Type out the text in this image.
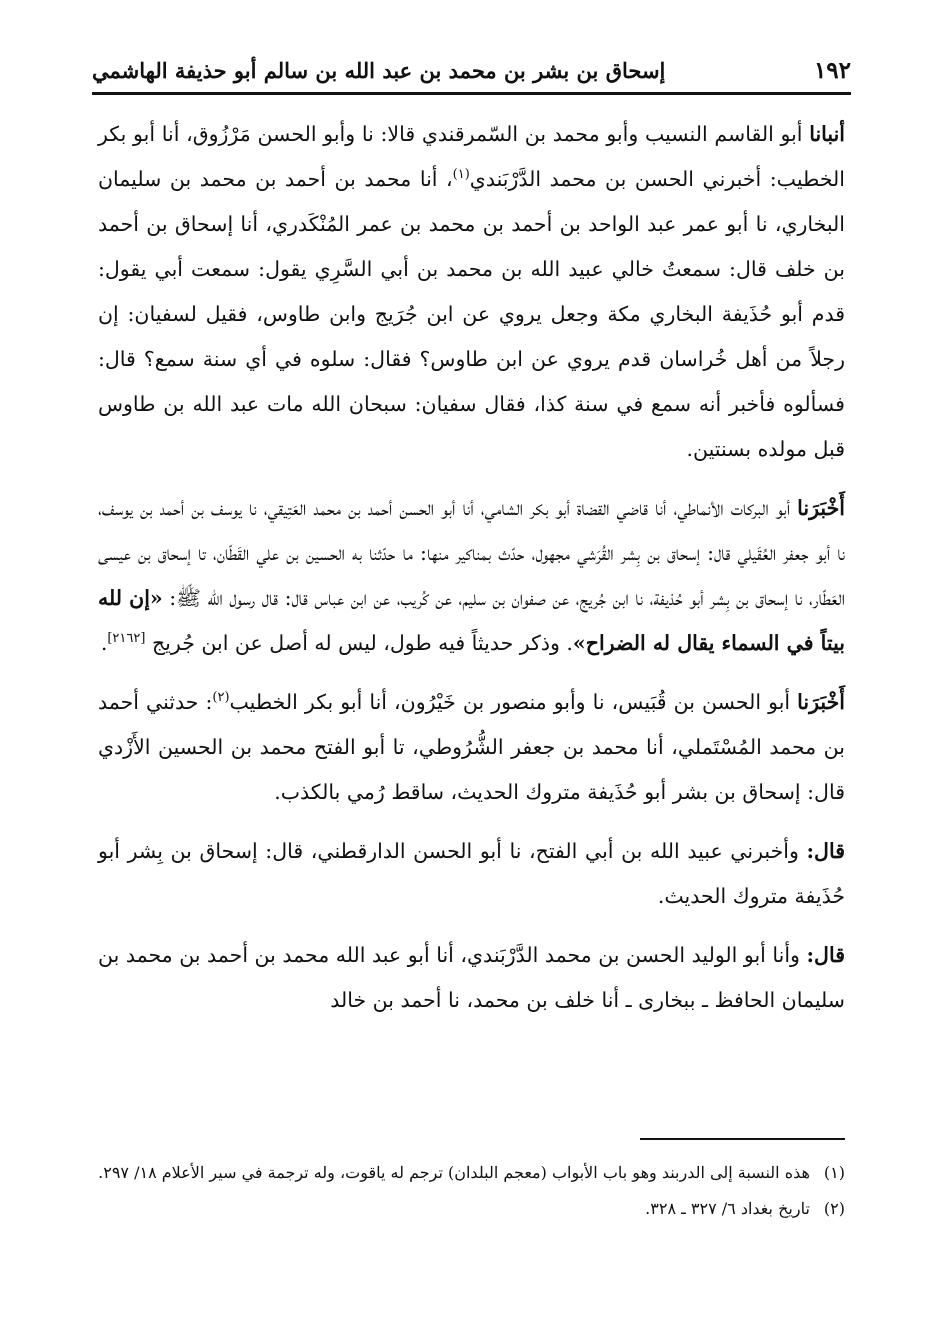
١٩٢
إسحاق بن بشر بن محمد بن عبد الله بن سالم أبو حذيفة الهاشمي

أنبانا أبو القاسم النسيب وأبو محمد بن السّمرقندي قالا: نا وأبو الحسن مَرْزُوق، أنا أبو بكر الخطيب: أخبرني الحسن بن محمد الدَّرْبَندي$^{(١)}$، أنا محمد بن أحمد بن محمد بن سليمان البخاري، نا أبو عمر عبد الواحد بن أحمد بن محمد بن عمر المُنْكَدري، أنا إسحاق بن أحمد بن خلف قال: سمعتُ خالي عبيد الله بن محمد بن أبي السَّرِي يقول: سمعت أبي يقول: قدم أبو حُذَيفة البخاري مكة وجعل يروي عن ابن جُرَيج وابن طاوس، فقيل لسفيان: إن رجلاً من أهل خُراسان قدم يروي عن ابن طاوس؟ فقال: سلوه في أي سنة سمع؟ قال: فسألوه فأخبر أنه سمع في سنة كذا، فقال سفيان: سبحان الله مات عبد الله بن طاوس قبل مولده بسنتين.

أَخْبَرَنا أبو البركات الأنماطي، أنا قاضي القضاة أبو بكر الشامي، أنا أبو الحسن أحمد بن محمد العَتِيقي، نا يوسف بن أحمد بن يوسف، نا أبو جعفر العُقَيلي قال: إسحاق بن بِشر القُرَشي مجهول، حدّث بمناكير منها: ما حدّثنا به الحسين بن علي القَطّان، تا إسحاق بن عيسى العَطّار، نا إسحاق بن بِشر أبو حُذيفة، نا ابن جُريج، عن صفوان بن سليم، عن كُريب، عن ابن عباس قال: قال رسول الله ﷺ: «إن لله بيتاً في السماء يقال له الضراح». وذكر حديثاً فيه طول، ليس له أصل عن ابن جُريج [٢١٦٢].

أَخْبَرَنا أبو الحسن بن قُبَيس، نا وأبو منصور بن خَيْرُون، أنا أبو بكر الخطيب$^{(٢)}$: حدثني أحمد بن محمد المُسْتَملي، أنا محمد بن جعفر الشُّرُوطي، تا أبو الفتح محمد بن الحسين الأَزْدي قال: إسحاق بن بشر أبو حُذَيفة متروك الحديث، ساقط رُمي بالكذب.

قال: وأخبرني عبيد الله بن أبي الفتح، نا أبو الحسن الدارقطني، قال: إسحاق بن بِشر أبو حُذَيفة متروك الحديث.

قال: وأنا أبو الوليد الحسن بن محمد الدَّرْبَندي، أنا أبو عبد الله محمد بن أحمد بن محمد بن سليمان الحافظ ـ ببخارى ـ أنا خلف بن محمد، نا أحمد بن خالد

(١)
هذه النسبة إلى الدربند وهو باب الأبواب (معجم البلدان) ترجم له ياقوت، وله ترجمة في سير الأعلام ١٨/ ٢٩٧.
(٢)
تاريخ بغداد ٦/ ٣٢٧ ـ ٣٢٨.
